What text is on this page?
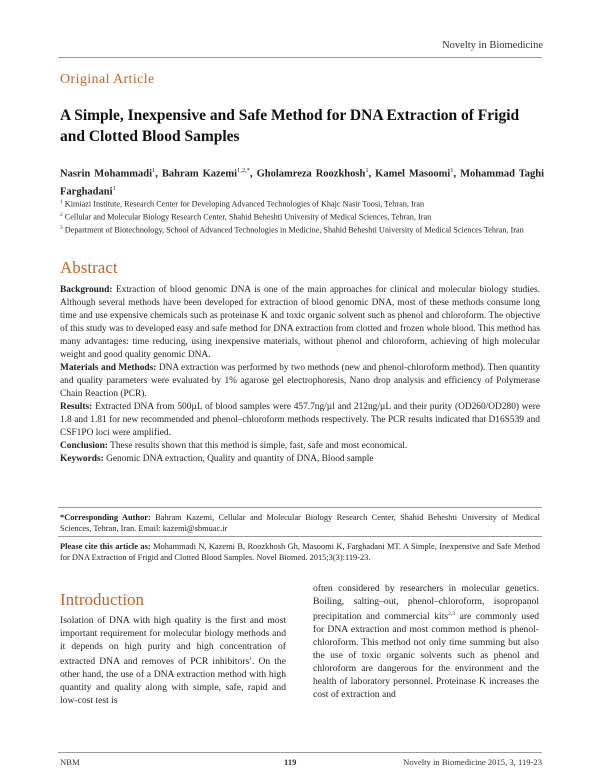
Novelty in Biomedicine
Original Article
A Simple, Inexpensive and Safe Method for DNA Extraction of Frigid and Clotted Blood Samples
Nasrin Mohammadi$^1$, Bahram Kazemi$^{1,2,*}$, Gholamreza Roozkhosh$^1$, Kamel Masoomi$^1$, Mohammad Taghi Farghadani$^1$
$^1$ Kimiazi Institute, Research Center for Developing Advanced Technologies of Khajc Nasir Toosi, Tehran, Iran
$^2$ Cellular and Molecular Biology Research Center, Shahid Beheshti University of Medical Sciences, Tehran, Iran
$^3$ Department of Biotechnology, School of Advanced Technologies in Medicine, Shahid Beheshti University of Medical Sciences Tehran, Iran
Abstract

Background: Extraction of blood genomic DNA is one of the main approaches for clinical and molecular biology studies. Although several methods have been developed for extraction of blood genomic DNA, most of these methods consume long time and use expensive chemicals such as proteinase K and toxic organic solvent such as phenol and chloroform. The objective of this study was to developed easy and safe method for DNA extraction from clotted and frozen whole blood. This method has many advantages: time reducing, using inexpensive materials, without phenol and chloroform, achieving of high molecular weight and good quality genomic DNA.

Materials and Methods: DNA extraction was performed by two methods (new and phenol-chloroform method). Then quantity and quality parameters were evaluated by 1% agarose gel electrophoresis, Nano drop analysis and efficiency of Polymerase Chain Reaction (PCR).

Results: Extracted DNA from 500µL of blood samples were 457.7ng/µl and 212ng/µL and their purity (OD260/OD280) were 1.8 and 1.81 for new recommended and phenol–chloroform methods respectively. The PCR results indicated that D16S539 and CSF1PO loci were amplified.

Conclusion: These results shown that this method is simple, fast, safe and most economical.

Keywords: Genomic DNA extraction, Quality and quantity of DNA, Blood sample

*Corresponding Author: Bahram Kazemi, Cellular and Molecular Biology Research Center, Shahid Beheshti University of Medical Sciences, Tehran, Iran. Email: kazemi@sbmuac.ir
Please cite this article as: Mohammadi N, Kazemi B, Roozkhosh Gh, Masoomi K, Farghadani MT. A Simple, Inexpensive and Safe Method for DNA Extraction of Frigid and Clotted Blood Samples. Novel Biomed. 2015;3(3):119-23.
Introduction
Isolation of DNA with high quality is the first and most important requirement for molecular biology methods and it depends on high purity and high concentration of extracted DNA and removes of PCR inhibitors$^1$. On the other hand, the use of a DNA extraction method with high quantity and quality along with simple, safe, rapid and low-cost test is
often considered by researchers in molecular genetics. Boiling, salting–out, phenol–chloroform, isopropanol precipitation and commercial kits$^{2,3}$ are commonly used for DNA extraction and most common method is phenol-chloroform. This method not only time summing but also the use of toxic organic solvents such as phenol and chloroform are dangerous for the environment and the health of laboratory personnel. Proteinase K increases the cost of extraction and
NBM	119	Novelty in Biomedicine 2015, 3, 119-23
